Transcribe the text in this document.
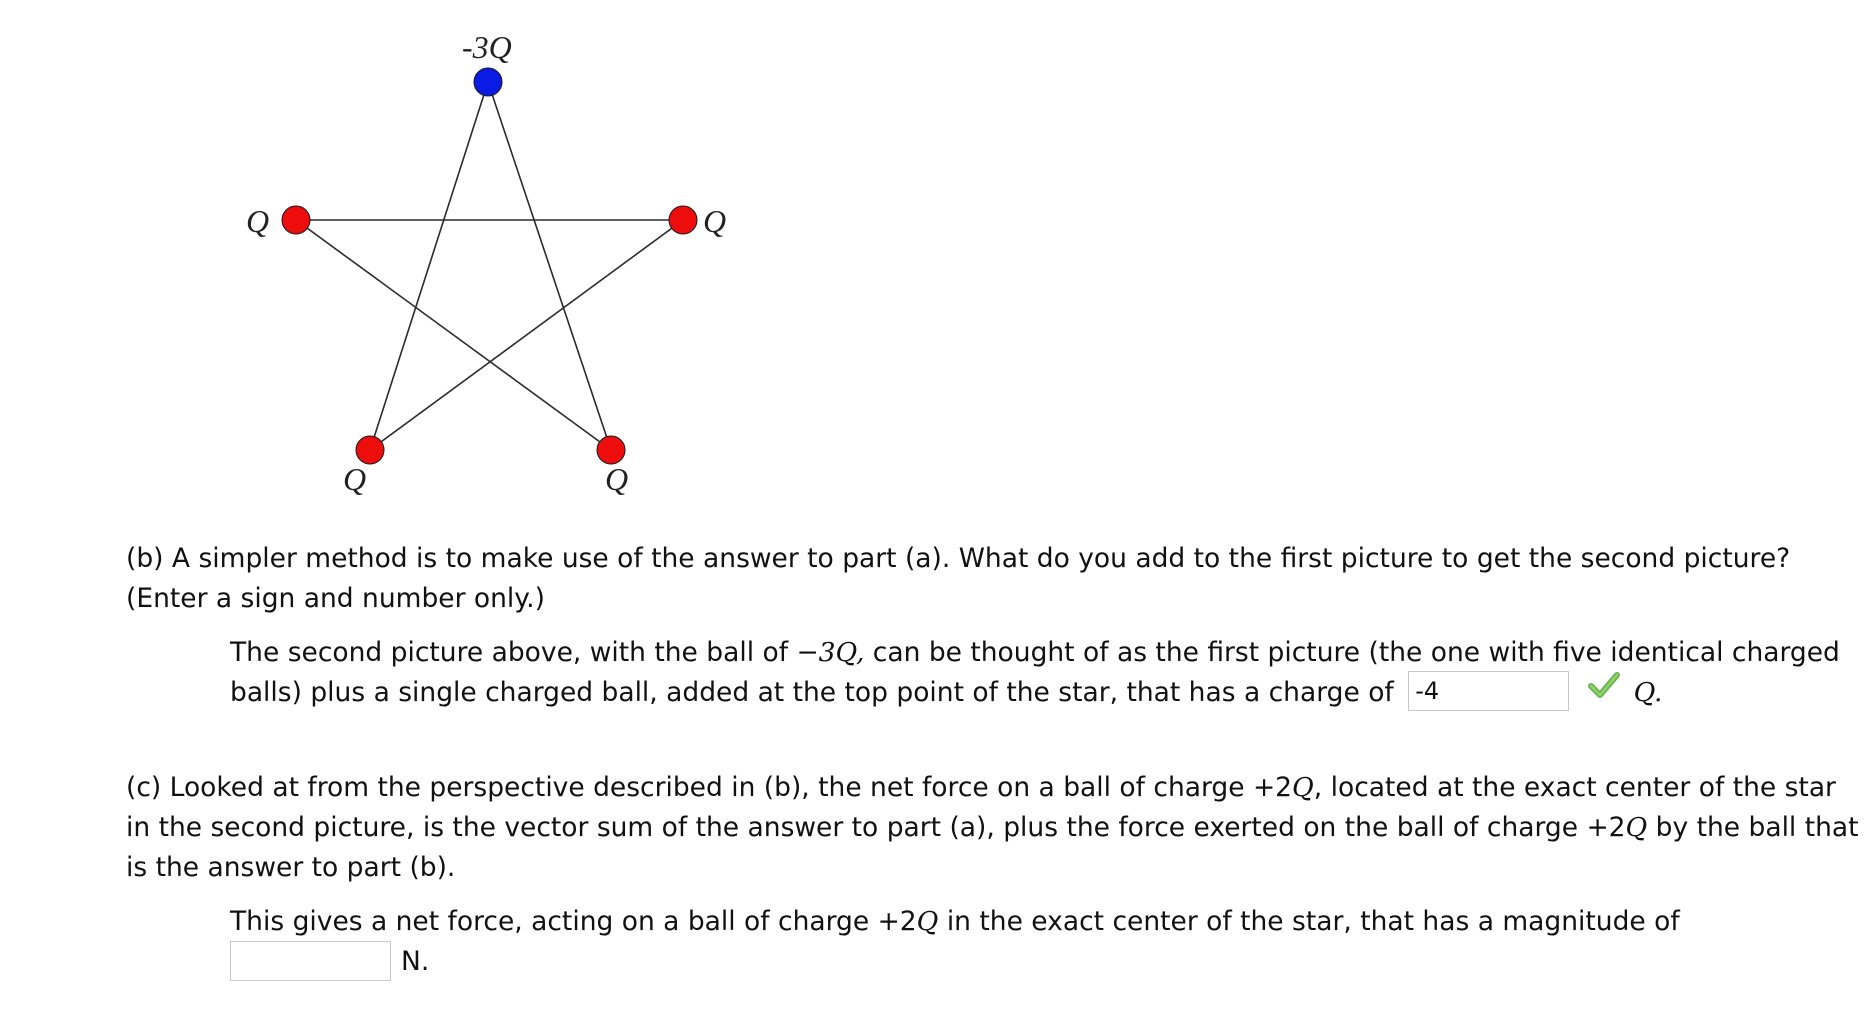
-3Q
Q	Q
Q	Q

(b) A simpler method is to make use of the answer to part (a). What do you add to the first picture to get the second picture?
(Enter a sign and number only.)

The second picture above, with the ball of −3Q, can be thought of as the first picture (the one with five identical charged balls) plus a single charged ball, added at the top point of the star, that has a charge of -4	Q.

(c) Looked at from the perspective described in (b), the net force on a ball of charge +2Q, located at the exact center of the star in the second picture, is the vector sum of the answer to part (a), plus the force exerted on the ball of charge +2Q by the ball that is the answer to part (b).

This gives a net force, acting on a ball of charge +2Q in the exact center of the star, that has a magnitude of
N.
